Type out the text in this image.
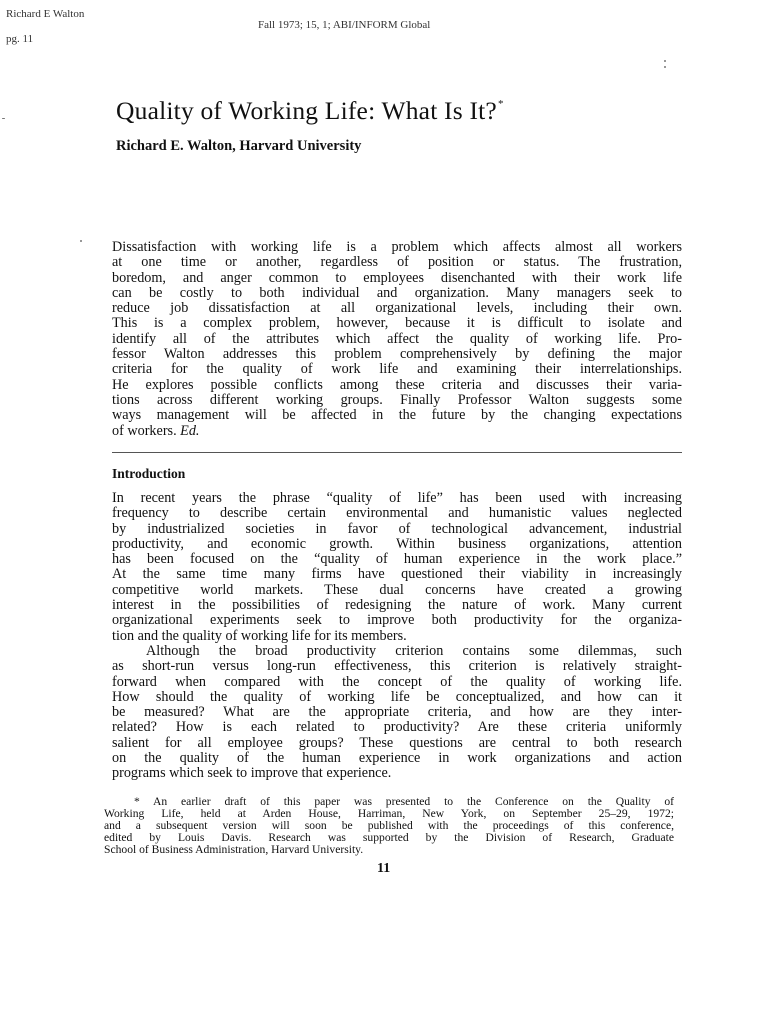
Richard E Walton
pg. 11
Fall 1973; 15, 1; ABI/INFORM Global
Quality of Working Life: What Is It?*
Richard E. Walton, Harvard University
Dissatisfaction with working life is a problem which affects almost all workers
at one time or another, regardless of position or status. The frustration,
boredom, and anger common to employees disenchanted with their work life
can be costly to both individual and organization. Many managers seek to
reduce job dissatisfaction at all organizational levels, including their own.
This is a complex problem, however, because it is difficult to isolate and
identify all of the attributes which affect the quality of working life. Pro-
fessor Walton addresses this problem comprehensively by defining the major
criteria for the quality of work life and examining their interrelationships.
He explores possible conflicts among these criteria and discusses their varia-
tions across different working groups. Finally Professor Walton suggests some
ways management will be affected in the future by the changing expectations
of workers. Ed.
Introduction
In recent years the phrase “quality of life” has been used with increasing
frequency to describe certain environmental and humanistic values neglected
by industrialized societies in favor of technological advancement, industrial
productivity, and economic growth. Within business organizations, attention
has been focused on the “quality of human experience in the work place.”
At the same time many firms have questioned their viability in increasingly
competitive world markets. These dual concerns have created a growing
interest in the possibilities of redesigning the nature of work. Many current
organizational experiments seek to improve both productivity for the organiza-
tion and the quality of working life for its members.
Although the broad productivity criterion contains some dilemmas, such
as short-run versus long-run effectiveness, this criterion is relatively straight-
forward when compared with the concept of the quality of working life.
How should the quality of working life be conceptualized, and how can it
be measured? What are the appropriate criteria, and how are they inter-
related? How is each related to productivity? Are these criteria uniformly
salient for all employee groups? These questions are central to both research
on the quality of the human experience in work organizations and action
programs which seek to improve that experience.
* An earlier draft of this paper was presented to the Conference on the Quality of
Working Life, held at Arden House, Harriman, New York, on September 25–29, 1972;
and a subsequent version will soon be published with the proceedings of this conference,
edited by Louis Davis. Research was supported by the Division of Research, Graduate
School of Business Administration, Harvard University.
11
